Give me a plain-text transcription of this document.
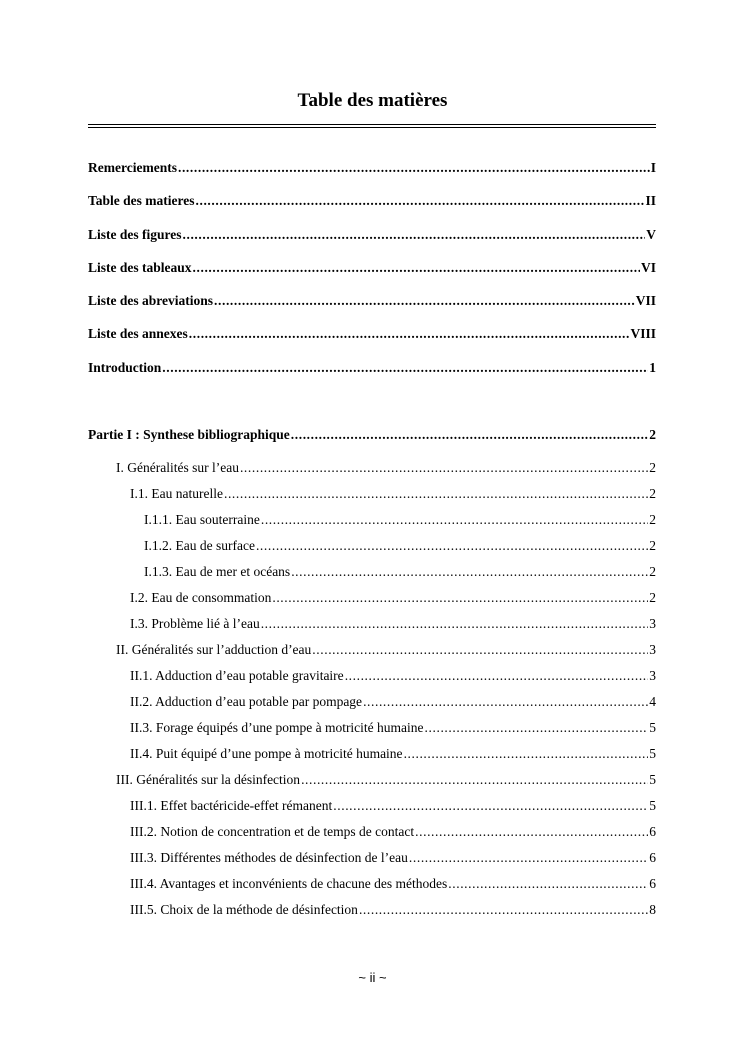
Table des matières
Remerciements .....	I
Table des matieres .....	II
Liste des figures .....	V
Liste des tableaux .....	VI
Liste des abreviations .....	VII
Liste des annexes .....	VIII
Introduction .....	1
Partie I : Synthese bibliographique .....	2
I. Généralités sur l’eau .....	2
I.1. Eau naturelle .....	2
I.1.1. Eau souterraine .....	2
I.1.2. Eau de surface .....	2
I.1.3. Eau de mer et océans .....	2
I.2. Eau de consommation .....	2
I.3. Problème lié à l’eau .....	3
II. Généralités sur l’adduction d’eau .....	3
II.1. Adduction d’eau potable gravitaire .....	3
II.2. Adduction d’eau potable par pompage .....	4
II.3. Forage équipés d’une pompe à motricité humaine .....	5
II.4. Puit équipé d’une pompe à motricité humaine .....	5
III. Généralités sur la désinfection .....	5
III.1. Effet bactéricide-effet rémanent .....	5
III.2. Notion de concentration et de temps de contact .....	6
III.3. Différentes méthodes de désinfection de l’eau .....	6
III.4. Avantages et inconvénients de chacune des méthodes .....	6
III.5. Choix de la méthode de désinfection .....	8
~ ii ~
